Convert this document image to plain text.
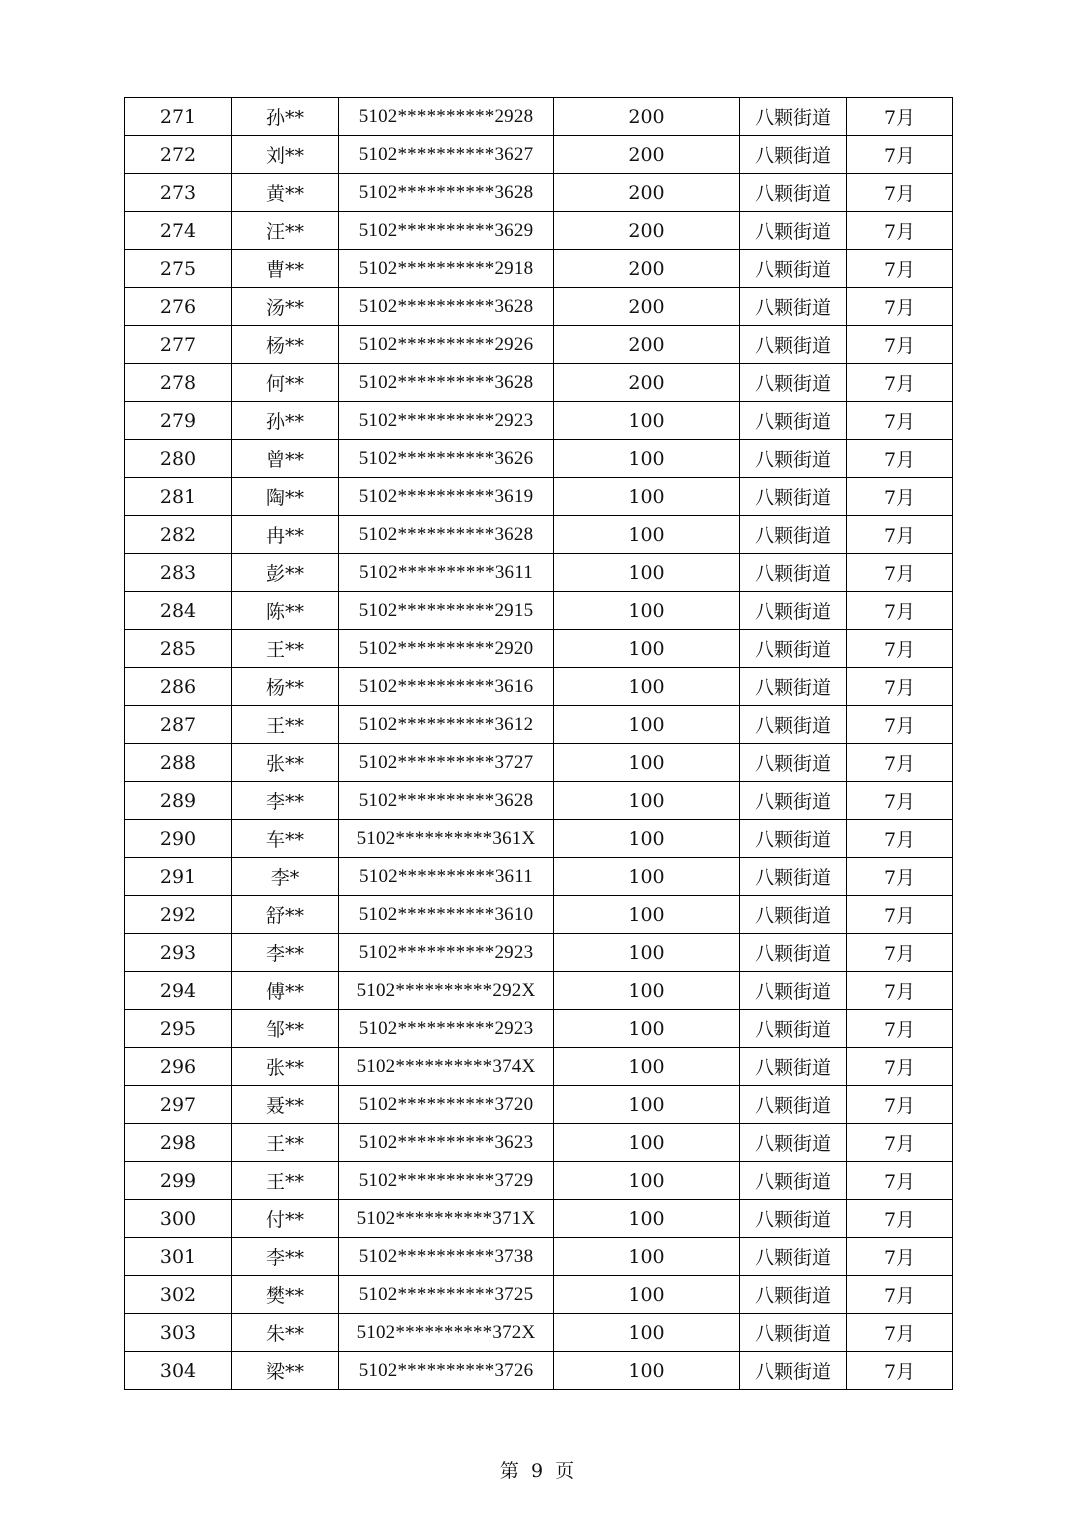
271	孙**	5102**********2928	200	八颗街道	7月
272	刘**	5102**********3627	200	八颗街道	7月
273	黄**	5102**********3628	200	八颗街道	7月
274	汪**	5102**********3629	200	八颗街道	7月
275	曹**	5102**********2918	200	八颗街道	7月
276	汤**	5102**********3628	200	八颗街道	7月
277	杨**	5102**********2926	200	八颗街道	7月
278	何**	5102**********3628	200	八颗街道	7月
279	孙**	5102**********2923	100	八颗街道	7月
280	曾**	5102**********3626	100	八颗街道	7月
281	陶**	5102**********3619	100	八颗街道	7月
282	冉**	5102**********3628	100	八颗街道	7月
283	彭**	5102**********3611	100	八颗街道	7月
284	陈**	5102**********2915	100	八颗街道	7月
285	王**	5102**********2920	100	八颗街道	7月
286	杨**	5102**********3616	100	八颗街道	7月
287	王**	5102**********3612	100	八颗街道	7月
288	张**	5102**********3727	100	八颗街道	7月
289	李**	5102**********3628	100	八颗街道	7月
290	车**	5102**********361X	100	八颗街道	7月
291	李*	5102**********3611	100	八颗街道	7月
292	舒**	5102**********3610	100	八颗街道	7月
293	李**	5102**********2923	100	八颗街道	7月
294	傅**	5102**********292X	100	八颗街道	7月
295	邹**	5102**********2923	100	八颗街道	7月
296	张**	5102**********374X	100	八颗街道	7月
297	聂**	5102**********3720	100	八颗街道	7月
298	王**	5102**********3623	100	八颗街道	7月
299	王**	5102**********3729	100	八颗街道	7月
300	付**	5102**********371X	100	八颗街道	7月
301	李**	5102**********3738	100	八颗街道	7月
302	樊**	5102**********3725	100	八颗街道	7月
303	朱**	5102**********372X	100	八颗街道	7月
304	梁**	5102**********3726	100	八颗街道	7月
第 9 页
